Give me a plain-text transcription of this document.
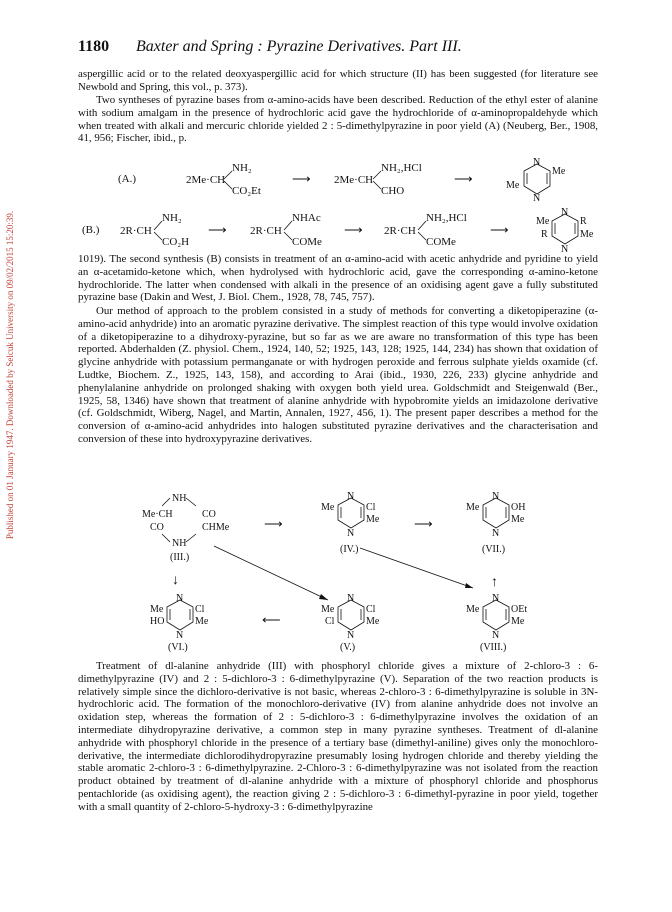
Published on 01 January 1947. Downloaded by Selcuk University on 09/02/2015 15:20:39.
1180 Baxter and Spring : Pyrazine Derivatives. Part III.

aspergillic acid or to the related deoxyaspergillic acid for which structure (II) has been suggested (for literature see Newbold and Spring, this vol., p. 373).

Two syntheses of pyrazine bases from α-amino-acids have been described. Reduction of the ethyl ester of alanine with sodium amalgam in the presence of hydrochloric acid gave the hydrochloride of α-aminopropaldehyde which when treated with alkali and mercuric chloride yielded 2 : 5-dimethylpyrazine in poor yield (A) (Neuberg, Ber., 1908, 41, 956; Fischer, ibid., p.

(A.)	2Me·CH
NH₂
CO₂Et
⟶ 2Me·CH
NH₂,HCl
CHO
⟶
N
N
Me
Me
(B.) 2R·CH
NH₂
CO₂H
⟶ 2R·CH
NHAc
COMe
⟶ 2R·CH
NH₂,HCl
COMe
⟶
N
N
Me
R
R
Me

1019). The second synthesis (B) consists in treatment of an α-amino-acid with acetic anhydride and pyridine to yield an α-acetamido-ketone which, when hydrolysed with hydrochloric acid, gave the corresponding α-amino-ketone hydrochloride. The latter when condensed with alkali in the presence of an oxidising agent gave a fully substituted pyrazine base (Dakin and West, J. Biol. Chem., 1928, 78, 745, 757).

Our method of approach to the problem consisted in a study of methods for converting a diketopiperazine (α-amino-acid anhydride) into an aromatic pyrazine derivative. The simplest reaction of this type would involve oxidation of a diketopiperazine to a dihydroxy-pyrazine, but so far as we are aware no transformation of this type has been reported. Abderhalden (Z. physiol. Chem., 1924, 140, 52; 1925, 143, 128; 1925, 144, 234) has shown that oxidation of glycine anhydride with potassium permanganate or with hydrogen peroxide and ferrous sulphate yields oxamide (cf. Ludtke, Biochem. Z., 1925, 143, 158), and according to Arai (ibid., 1930, 226, 233) glycine anhydride and phenylalanine anhydride on prolonged shaking with oxygen both yield urea. Goldschmidt and Steigenwald (Ber., 1925, 58, 1346) have shown that treatment of alanine anhydride with hypobromite yields an imidazolone derivative (cf. Goldschmidt, Wiberg, Nagel, and Martin, Annalen, 1927, 456, 1). The present paper describes a method for the conversion of α-amino-acid anhydrides into halogen substituted pyrazine derivatives and the characterisation and conversion of these into hydroxypyrazine derivatives.

NH
Me·CH
CO
CO
CHMe
NH
(III.)
⟶
↓
N
N
Me	Cl
Me
(IV.)
⟶
N
N
Me	OH
Me
(VII.)
↑
N
N
Me
HO
Cl
Me
(VI.)
⟵
N
N
Me
Cl
Cl
Me
(V.)
N
N
Me	OEt
Me
(VIII.)

Treatment of dl-alanine anhydride (III) with phosphoryl chloride gives a mixture of 2-chloro-3 : 6-dimethylpyrazine (IV) and 2 : 5-dichloro-3 : 6-dimethylpyrazine (V). Separation of the two reaction products is relatively simple since the dichloro-derivative is not basic, whereas 2-chloro-3 : 6-dimethylpyrazine is soluble in 3N-hydrochloric acid. The formation of the monochloro-derivative (IV) from alanine anhydride does not involve an oxidation step, whereas the formation of 2 : 5-dichloro-3 : 6-dimethylpyrazine involves the oxidation of an intermediate dihydropyrazine derivative, a common step in many pyrazine syntheses. Treatment of dl-alanine anhydride with phosphoryl chloride in the presence of a tertiary base (dimethyl-aniline) gives only the monochloro-derivative, the intermediate dichlorodihydropyrazine presumably losing hydrogen chloride and thereby yielding the stable aromatic 2-chloro-3 : 6-dimethylpyrazine. 2-Chloro-3 : 6-dimethylpyrazine was not isolated from the reaction product obtained by treatment of dl-alanine anhydride with a mixture of phosphoryl chloride and phosphorus pentachloride (as oxidising agent), the reaction giving 2 : 5-dichloro-3 : 6-dimethyl-pyrazine in poor yield, together with a small quantity of 2-chloro-5-hydroxy-3 : 6-dimethylpyrazine
